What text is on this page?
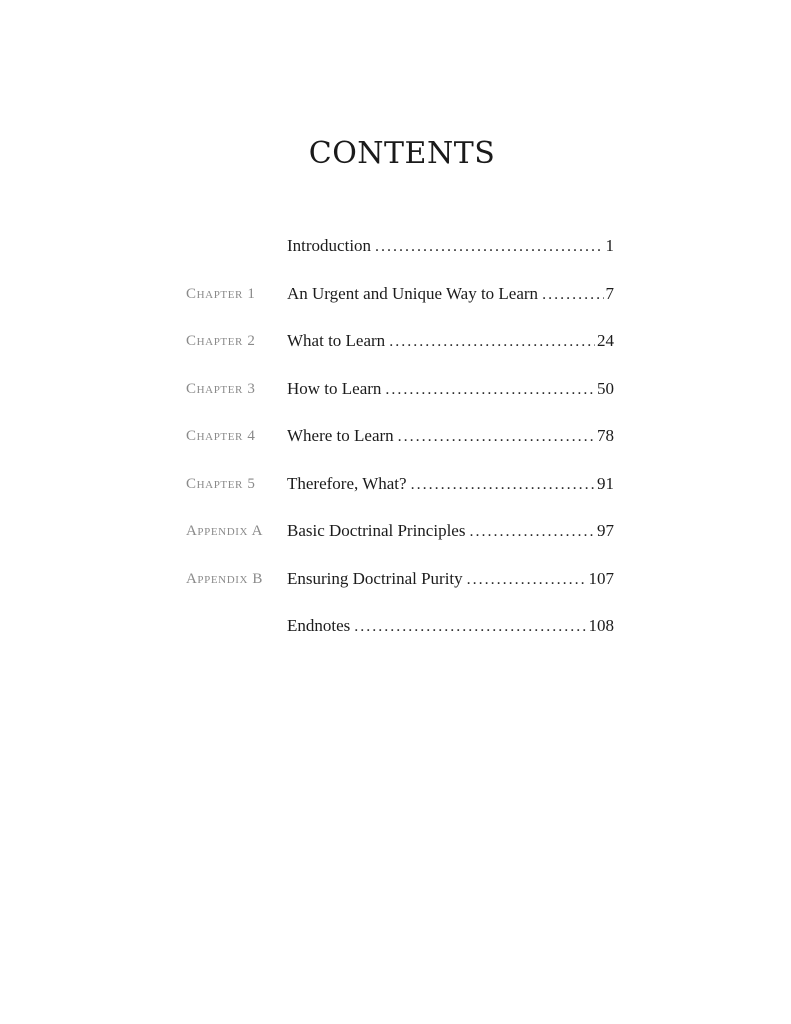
CONTENTS
Introduction . . .	1
Chapter 1 An Urgent and Unique Way to Learn . . .	7
Chapter 2 What to Learn . . .	24
Chapter 3 How to Learn . . .	50
Chapter 4 Where to Learn . . .	78
Chapter 5 Therefore, What? . . .	91
Appendix A Basic Doctrinal Principles . . .	97
Appendix B Ensuring Doctrinal Purity . . .	107
Endnotes . . .	108
